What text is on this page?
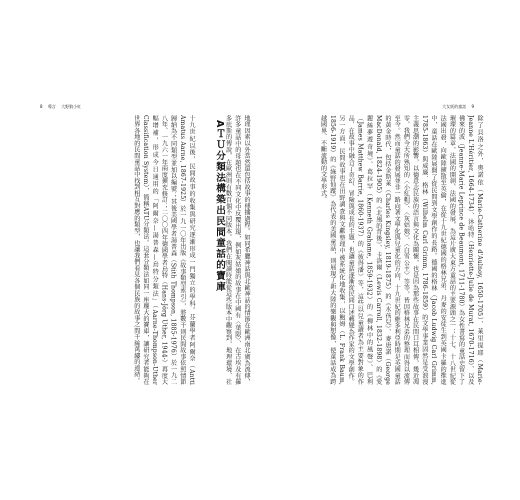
8 導言 大野狼小紅	大女妖的童話 9
除了貝洛之外，奧諾依（Marie-Catherine d'Aulnoy, 1650-1705）、萊里提耶（Marie-Jeanne L'Héritier, 1664-1734）、沐哈特（Henriette-Julie de Murat, 1670-1716）、以及佛來的波（Jeanne-Marie Leprince de Beaumont, 1711-1780）為女性書寫的童話史留下了璀璨的篇章，法國的開創、法國的發展，為這片廣大東方童話的主要源頭之一；十七、十八世紀從法國出發，向歐陸擴散至英倫，在從十九世紀德國的格林兄弟、丹麥的安徒生到英國卡羅的推進中，童話在歐陸展開了從民間到文學創作的長路。德國的格林（Jacob Ludwig Carl Grimm, 1785-1863）與威廉．格林（Wilhelm Carl Grimm, 1786-1859）的文學事業固然是受浪漫主義思潮的影響，以德意志民族的語言與文化為關懷，也是因為那些故事在民間口耳相傳，幾近凋零，我們今天所熟知的〈小紅帽〉、〈灰姑娘〉、〈白雪公主〉等等，皆因格林兄弟的整理而得以流傳至今。然而童話的發展並非一路向著文學化與兒童化的方向，十九世紀的維多利亞時期是英國童話的黃金時代，包括金斯萊（Charles Kingsley, 1819-1875）的《水孩兒》、麥唐諾（George MacDonald, 1824-1905）的《北風的背後》、卡洛爾（Lewis Carroll, 1832-1898）的《愛麗絲夢遊奇境》、葛拉罕（Kenneth Grahame, 1859-1932）的《柳林中的風聲》、巴利（James Matthew Barrie, 1860-1937）的《彼得潘》等，這些以兒童讀者為主要對象的作品，在故事中融合了奇幻、冒險與成長的主題，也讓童話逐漸從民間口述轉變為作家的文學創作。另一方面，民間故事也在田野調查與文獻整理中被系統化地收集，以鮑姆（L. Frank Baum, 1856-1919）的《綠野仙蹤》為代表的美國童話，則展現了新大陸的樂觀與想像，使童話成為跨越國界、不斷流動的文學形式。
地理因素以外當然還包括故事的傳播過程。如同希臘神話與北歐神話的情節在歐洲南北廣為流傳，許多童話中的母題也在不同文化中反覆出現，例如灰姑娘的故事在中國有〈葉限〉、在古埃及有羅多庇斯的傳說，在歐洲則有數百個不同版本。我們在閱讀時能從這些版本中觀察到，地理環境、社
AＴＵ分類法構築出民間童話的寶庫
十九世紀以後，民間故事的收集與研究逐漸形成一門獨立的學科。芬蘭學者阿爾奈（Antti Amatus Aarne, 1867-1925）於一九一〇年出版《故事類型索引》，將數千則民間故事依照情節歸納為不同類型並加以編號；其後美國學者湯普森（Stith Thompson, 1885-1976）於一九二八年、一九六一年兩度擴充修訂；二〇〇四年德國學者烏特（Hans-Jörg Uther, 1944-）再度大幅增補，形成今日通用的「阿爾奈—湯普森—烏特分類法」（Aarne-Thompson-Uther Classification System），簡稱ATU分類法。這套分類法如同一座龐大的寶庫，讓研究者能夠在世界各地的民間童話中找到相互對應的類型，也讓我們看見各個民族的故事之間千絲萬縷的連結。
